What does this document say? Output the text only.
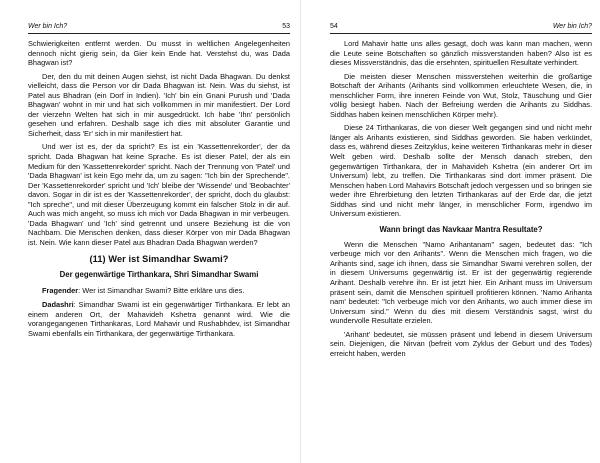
Wer bin Ich?	53

Schwierigkeiten entfernt werden. Du musst in weltlichen Angelegenheiten dennoch nicht gierig sein, da Gier kein Ende hat. Verstehst du, was Dada Bhagwan ist?

Der, den du mit deinen Augen siehst, ist nicht Dada Bhagwan. Du denkst vielleicht, dass die Person vor dir Dada Bhagwan ist. Nein. Was du siehst, ist Patel aus Bhadran (ein Dorf in Indien). 'Ich' bin ein Gnani Purush und 'Dada Bhagwan' wohnt in mir und hat sich vollkommen in mir manifestiert. Der Lord der vierzehn Welten hat sich in mir ausgedrückt. Ich habe 'Ihn' persönlich gesehen und erfahren. Deshalb sage ich dies mit absoluter Garantie und Sicherheit, dass 'Er' sich in mir manifestiert hat.

Und wer ist es, der da spricht? Es ist ein 'Kassettenrekorder', der da spricht. Dada Bhagwan hat keine Sprache. Es ist dieser Patel, der als ein Medium für den 'Kassettenrekorder' spricht. Nach der Trennung von 'Patel' und 'Dada Bhagwan' ist kein Ego mehr da, um zu sagen: "Ich bin der Sprechende". Der 'Kassettenrekorder' spricht und 'Ich' bleibe der 'Wissende' und 'Beobachter' davon. Sogar in dir ist es der 'Kassettenrekorder', der spricht, doch du glaubst: "Ich spreche", und mit dieser Überzeugung kommt ein falscher Stolz in dir auf. Auch was mich angeht, so muss ich mich vor Dada Bhagwan in mir verbeugen. 'Dada Bhagwan' und 'Ich' sind getrennt und unsere Beziehung ist die von Nachbarn. Die Menschen denken, dass dieser Körper von mir Dada Bhagwan ist. Nein. Wie kann dieser Patel aus Bhadran Dada Bhagwan werden?

(11) Wer ist Simandhar Swami?
Der gegenwärtige Tirthankara, Shri Simandhar Swami

Fragender: Wer ist Simandhar Swami? Bitte erkläre uns dies.

Dadashri: Simandhar Swami ist ein gegenwärtiger Tirthankara. Er lebt an einem anderen Ort, der Mahavideh Kshetra genannt wird. Wie die vorangegangenen Tirthankaras, Lord Mahavir und Rushabhdev, ist Simandhar Swami ebenfalls ein Tirthankara, der gegenwärtige Tirthankara.

54	Wer bin Ich?

Lord Mahavir hatte uns alles gesagt, doch was kann man machen, wenn die Leute seine Botschaften so gänzlich missverstanden haben? Also ist es dieses Missverständnis, das die ersehnten, spirituellen Resultate verhindert.

Die meisten dieser Menschen missverstehen weiterhin die großartige Botschaft der Arihants (Arihants sind vollkommen erleuchtete Wesen, die, in menschlicher Form, ihre inneren Feinde von Wut, Stolz, Täuschung und Gier völlig besiegt haben. Nach der Befreiung werden die Arihants zu Siddhas. Siddhas haben keinen menschlichen Körper mehr).

Diese 24 Tirthankaras, die von dieser Welt gegangen sind und nicht mehr länger als Arihants existieren, sind Siddhas geworden. Sie haben verkündet, dass es, während dieses Zeitzyklus, keine weiteren Tirthankaras mehr in dieser Welt geben wird. Deshalb sollte der Mensch danach streben, den gegenwärtigen Tirthankara, der in Mahavideh Kshetra (ein anderer Ort im Universum) lebt, zu treffen. Die Tirthankaras sind dort immer präsent. Die Menschen haben Lord Mahavirs Botschaft jedoch vergessen und so bringen sie weder ihre Ehrerbietung den letzten Tirthankaras auf der Erde dar, die jetzt Siddhas sind und nicht mehr länger, in menschlicher Form, irgendwo im Universum existieren.

Wann bringt das Navkaar Mantra Resultate?

Wenn die Menschen "Namo Arihantanam" sagen, bedeutet das: "Ich verbeuge mich vor den Arihants". Wenn die Menschen mich fragen, wo die Arihants sind, sage ich ihnen, dass sie Simandhar Swami verehren sollen, der in diesem Universums gegenwärtig ist. Er ist der gegenwärtig regierende Arihant. Deshalb verehre ihn. Er ist jetzt hier. Ein Arihant muss im Universum präsent sein, damit die Menschen spirituell profitieren können. 'Namo Arihanta nam' bedeutet: "Ich verbeuge mich vor den Arihants, wo auch immer diese im Universum sind." Wenn du dies mit diesem Verständnis sagst, wirst du wundervolle Resultate erzielen.

'Arihant' bedeutet, sie müssen präsent und lebend in diesem Universum sein. Diejenigen, die Nirvan (befreit vom Zyklus der Geburt und des Todes) erreicht haben, werden
